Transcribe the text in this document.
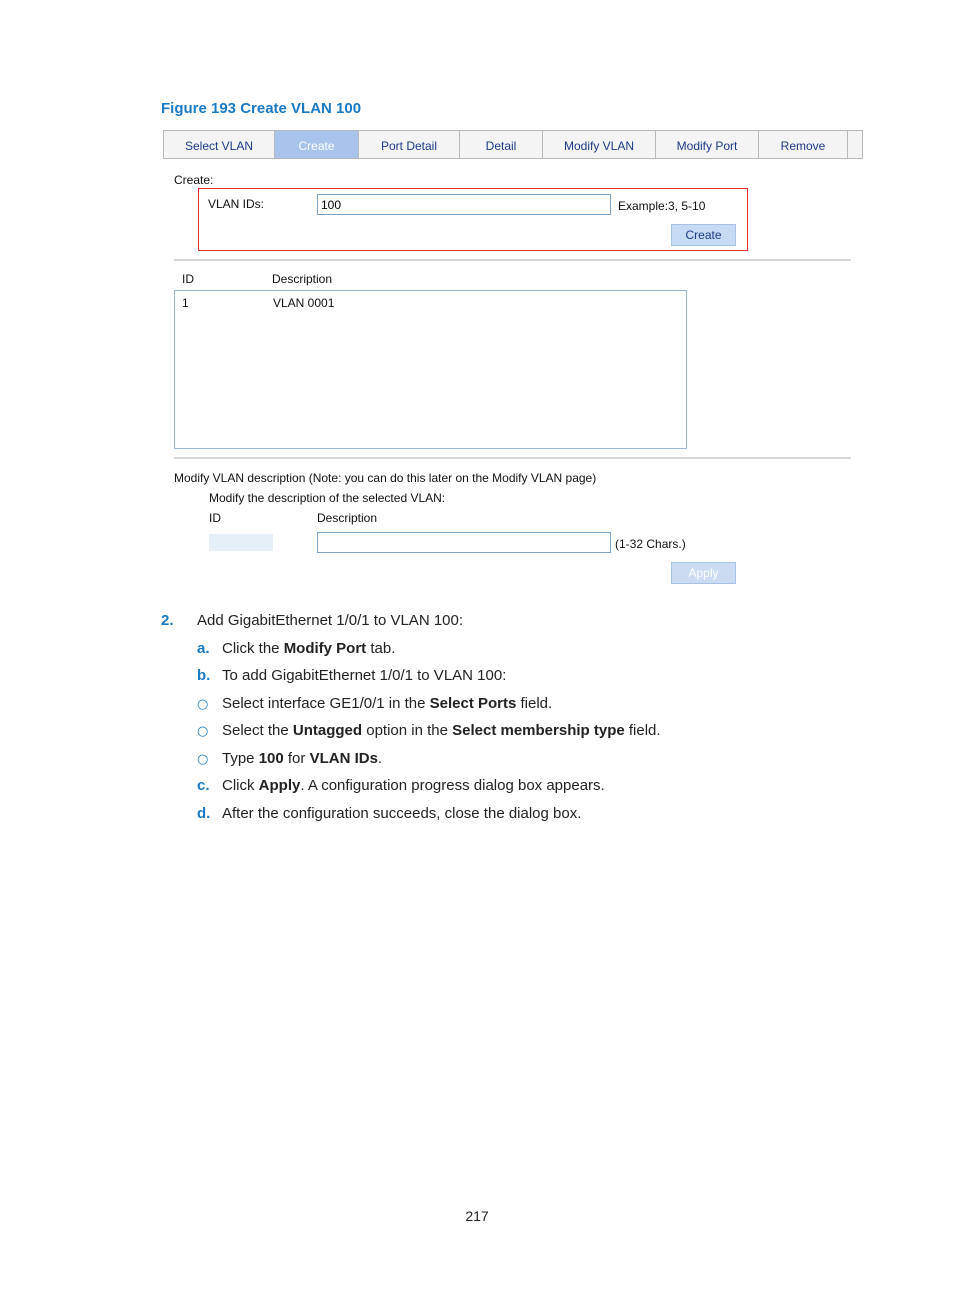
Figure 193 Create VLAN 100
Select VLAN	Create	Port Detail	Detail	Modify VLAN	Modify Port	Remove
Create:
VLAN IDs:
100	Example:3, 5-10
Create
ID	Description
1	VLAN 0001
Modify VLAN description (Note: you can do this later on the Modify VLAN page)
Modify the description of the selected VLAN:
ID	Description
(1-32 Chars.)
Apply
2. Add GigabitEthernet 1/0/1 to VLAN 100:
a. Click the Modify Port tab.
b. To add GigabitEthernet 1/0/1 to VLAN 100:
○ Select interface GE1/0/1 in the Select Ports field.
○ Select the Untagged option in the Select membership type field.
○ Type 100 for VLAN IDs.
c. Click Apply. A configuration progress dialog box appears.
d. After the configuration succeeds, close the dialog box.
217
